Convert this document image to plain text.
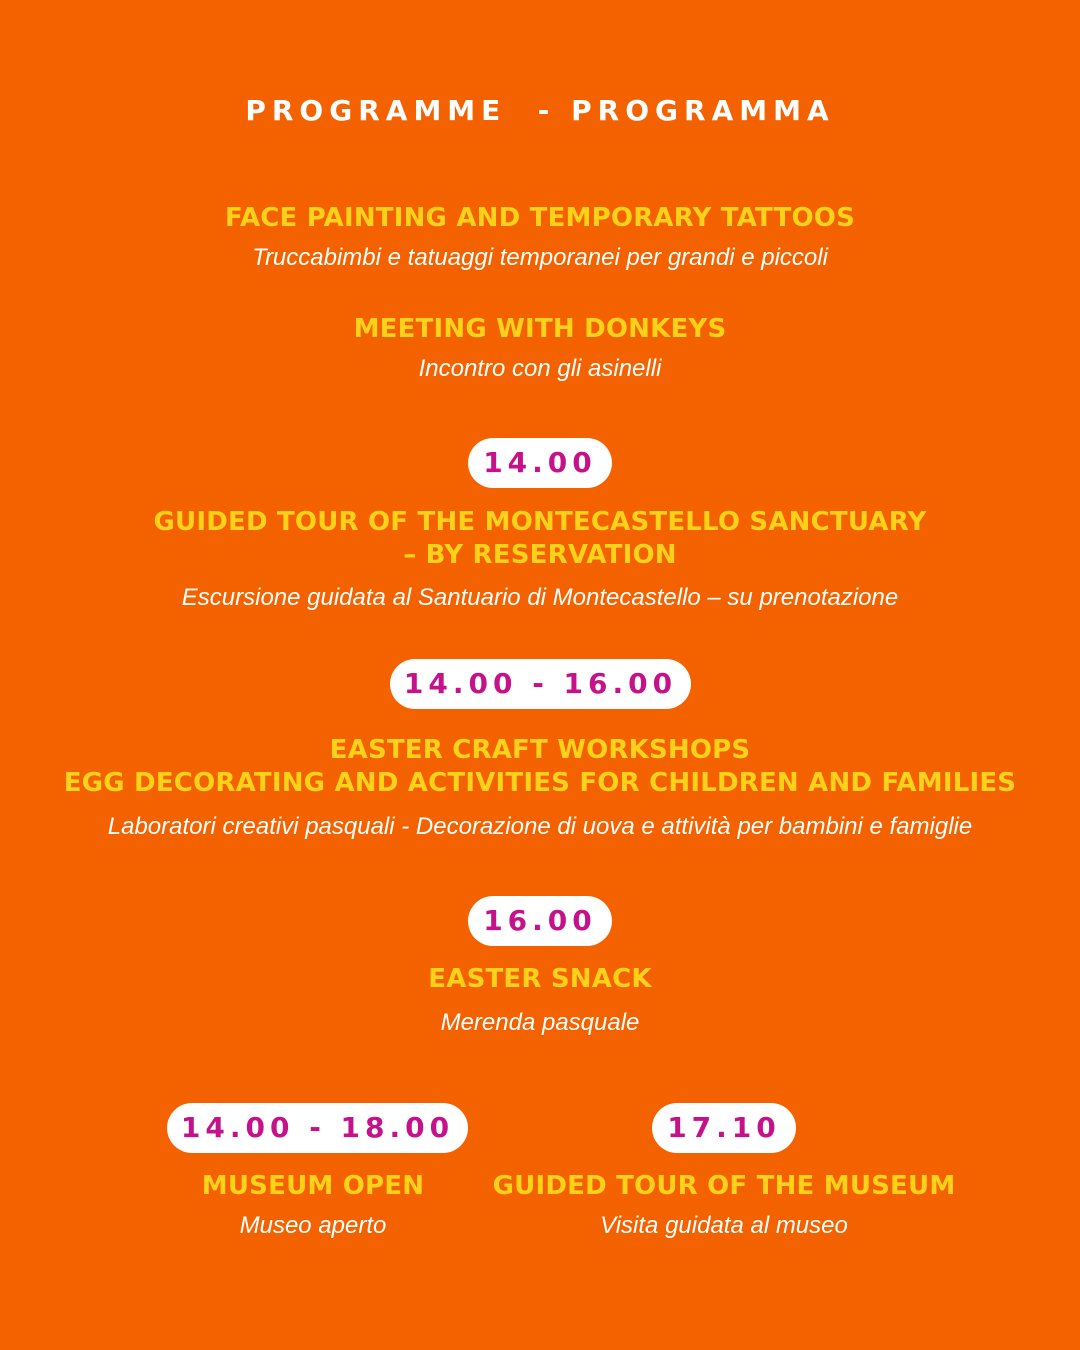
PROGRAMME  - PROGRAMMA
FACE PAINTING AND TEMPORARY TATTOOS
Truccabimbi e tatuaggi temporanei per grandi e piccoli
MEETING WITH DONKEYS
Incontro con gli asinelli
14.00
GUIDED TOUR OF THE MONTECASTELLO SANCTUARY
– BY RESERVATION
Escursione guidata al Santuario di Montecastello – su prenotazione
14.00 - 16.00
EASTER CRAFT WORKSHOPS
EGG DECORATING AND ACTIVITIES FOR CHILDREN AND FAMILIES
Laboratori creativi pasquali - Decorazione di uova e attività per bambini e famiglie
16.00
EASTER SNACK
Merenda pasquale
14.00 - 18.00
MUSEUM OPEN
Museo aperto
17.10
GUIDED TOUR OF THE MUSEUM
Visita guidata al museo
